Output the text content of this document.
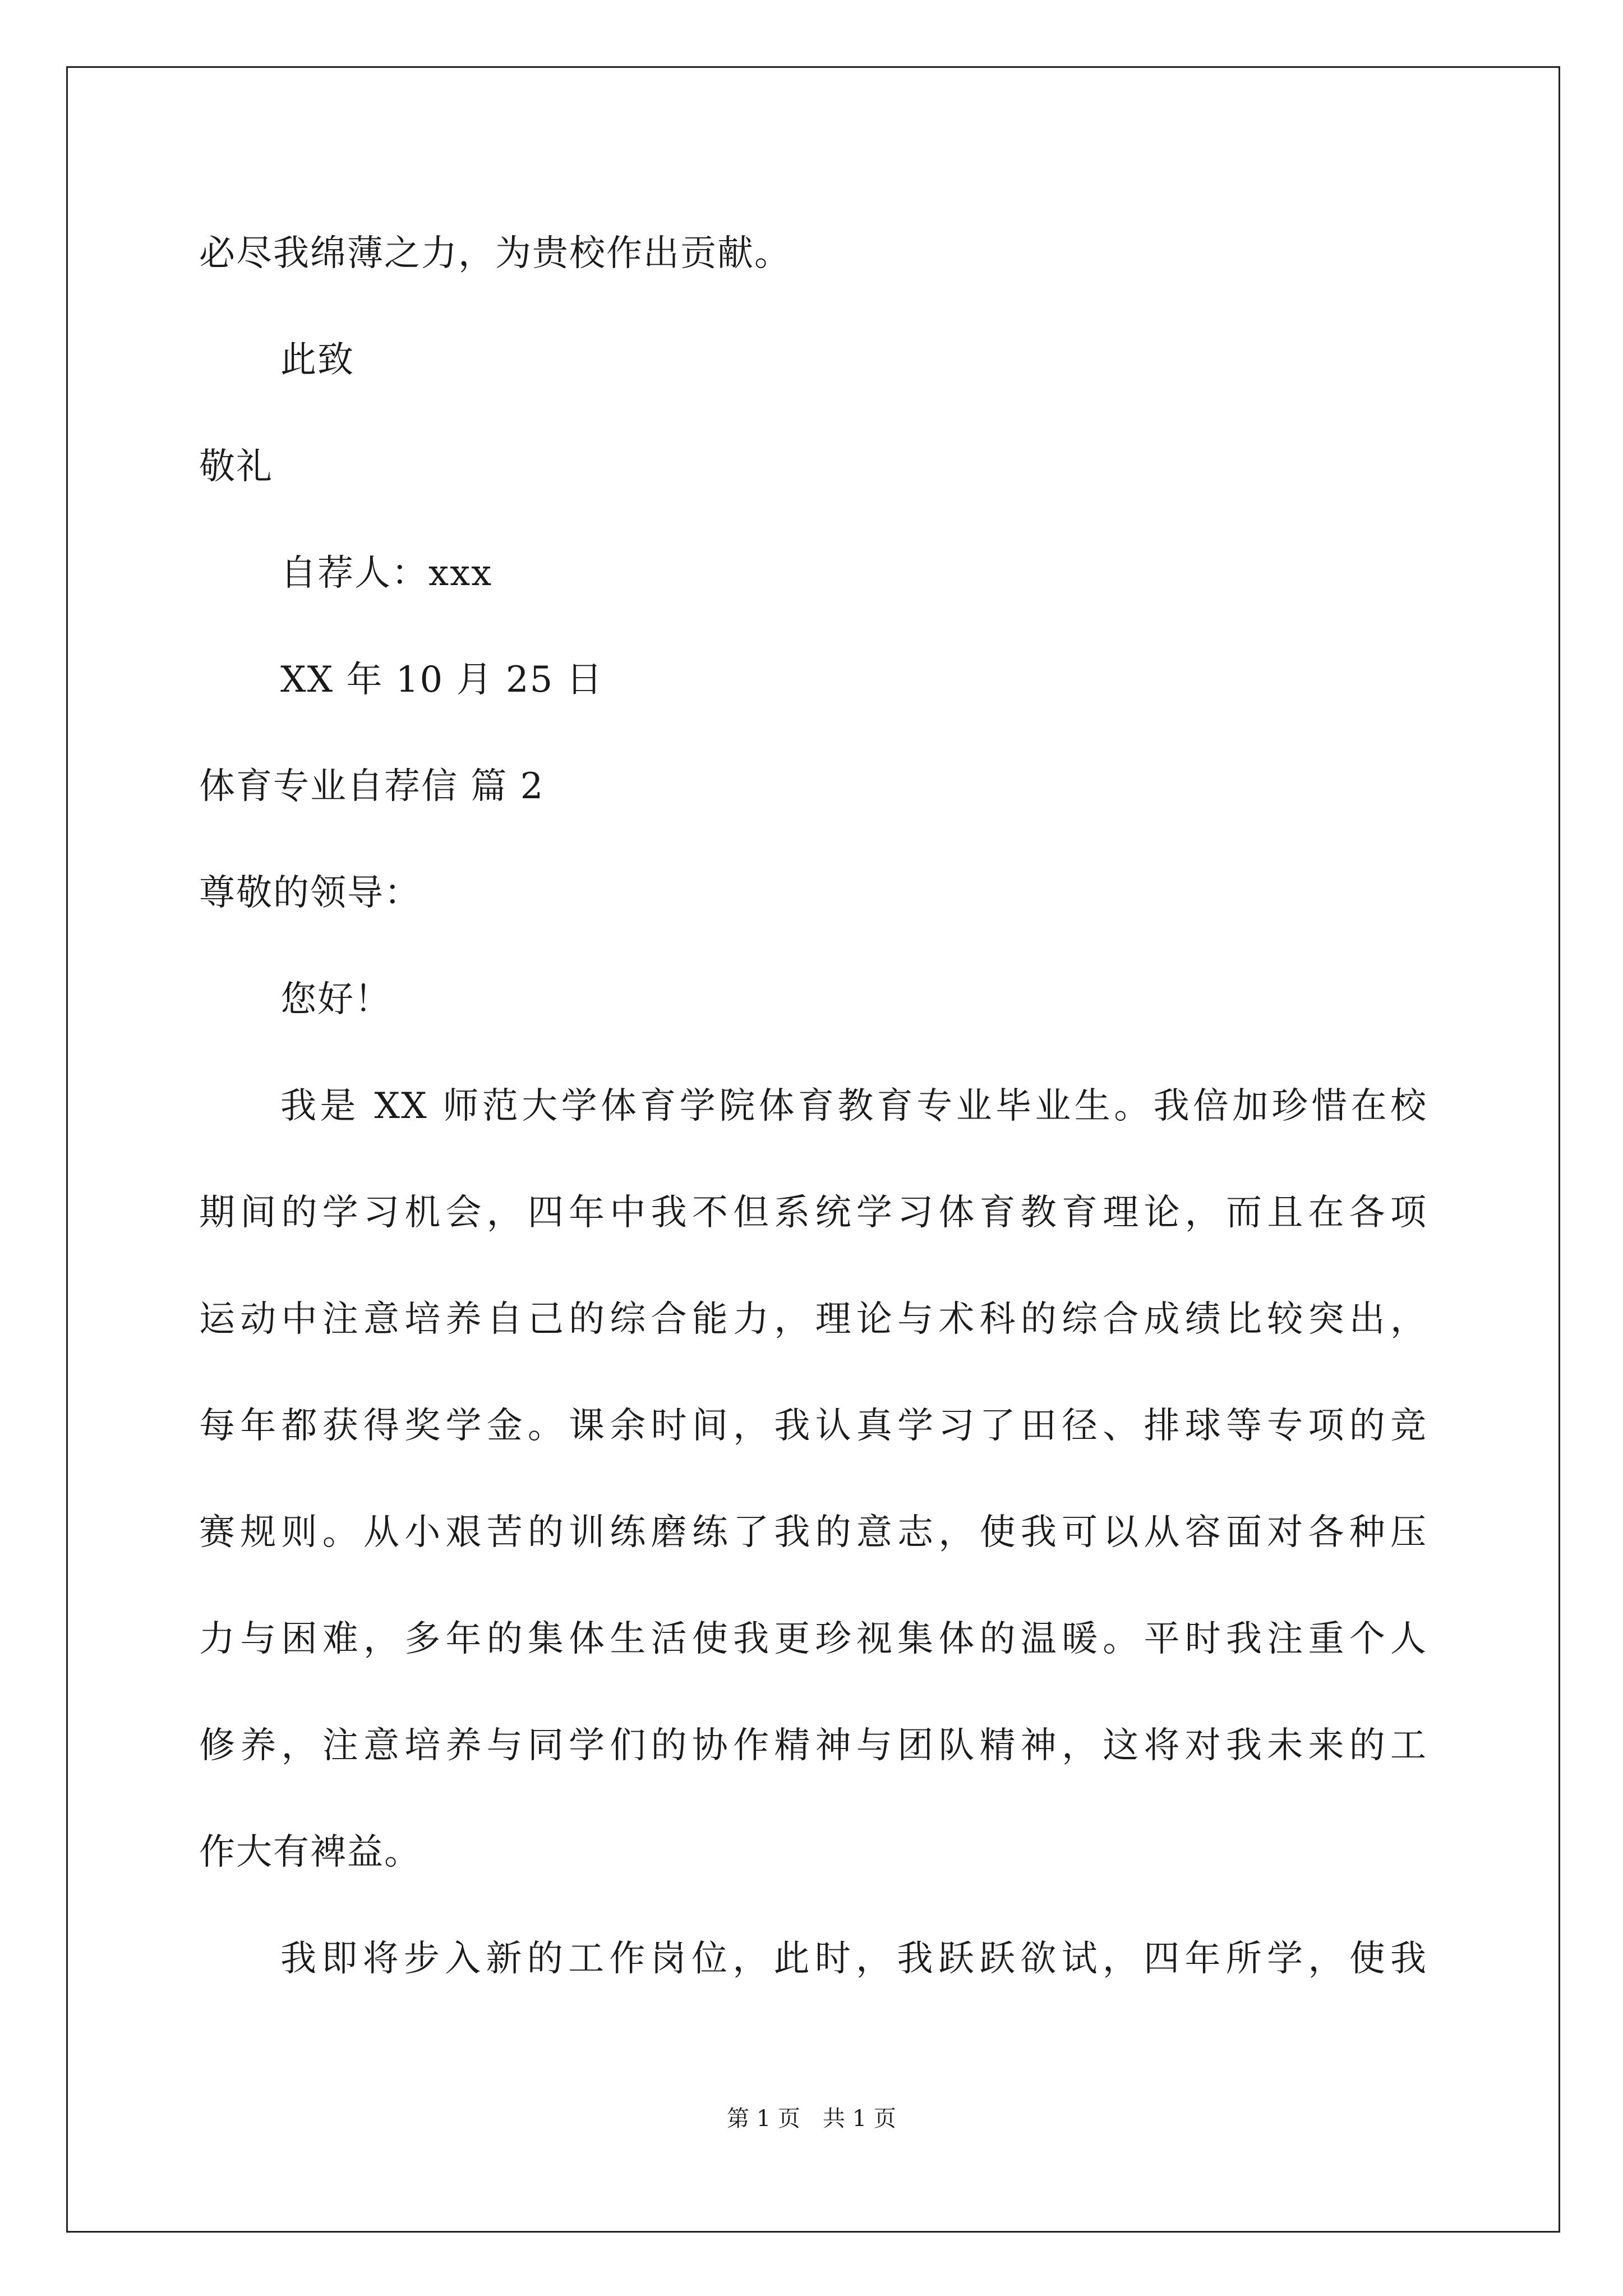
必尽我绵薄之力，为贵校作出贡献。
此致
敬礼
自荐人：xxx
XX 年 10 月 25 日
体育专业自荐信 篇 2
尊敬的领导：
您好！
我是 XX 师范大学体育学院体育教育专业毕业生。我倍加珍惜在校
期间的学习机会，四年中我不但系统学习体育教育理论，而且在各项
运动中注意培养自己的综合能力，理论与术科的综合成绩比较突出，
每年都获得奖学金。课余时间，我认真学习了田径、排球等专项的竞
赛规则。从小艰苦的训练磨练了我的意志，使我可以从容面对各种压
力与困难，多年的集体生活使我更珍视集体的温暖。平时我注重个人
修养，注意培养与同学们的协作精神与团队精神，这将对我未来的工
作大有裨益。
我即将步入新的工作岗位，此时，我跃跃欲试，四年所学，使我
第 1 页　共 1 页
